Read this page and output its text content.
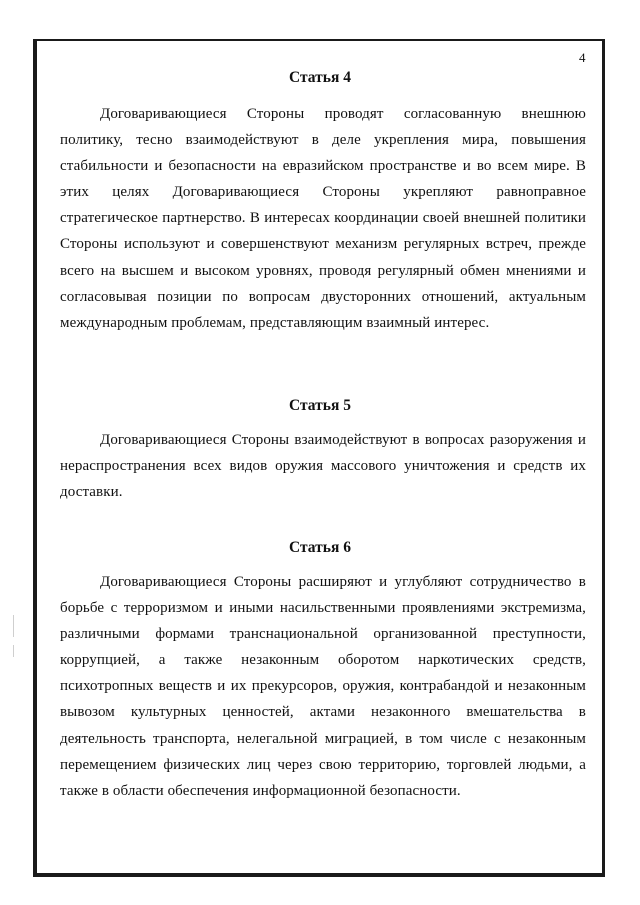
4
Статья 4

Договаривающиеся Стороны проводят согласованную внешнюю политику, тесно взаимодействуют в деле укрепления мира, повышения стабильности и безопасности на евразийском пространстве и во всем мире. В этих целях Договаривающиеся Стороны укрепляют равноправное стратегическое партнерство. В интересах координации своей внешней политики Стороны используют и совершенствуют механизм регулярных встреч, прежде всего на высшем и высоком уровнях, проводя регулярный обмен мнениями и согласовывая позиции по вопросам двусторонних отношений, актуальным международным проблемам, представляющим взаимный интерес.

Статья 5

Договаривающиеся Стороны взаимодействуют в вопросах разоружения и нераспространения всех видов оружия массового уничтожения и средств их доставки.

Статья 6

Договаривающиеся Стороны расширяют и углубляют сотрудничество в борьбе с терроризмом и иными насильственными проявлениями экстремизма, различными формами транснациональной организованной преступности, коррупцией, а также незаконным оборотом наркотических средств, психотропных веществ и их прекурсоров, оружия, контрабандой и незаконным вывозом культурных ценностей, актами незаконного вмешательства в деятельность транспорта, нелегальной миграцией, в том числе с незаконным перемещением физических лиц через свою территорию, торговлей людьми, а также в области обеспечения информационной безопасности.
